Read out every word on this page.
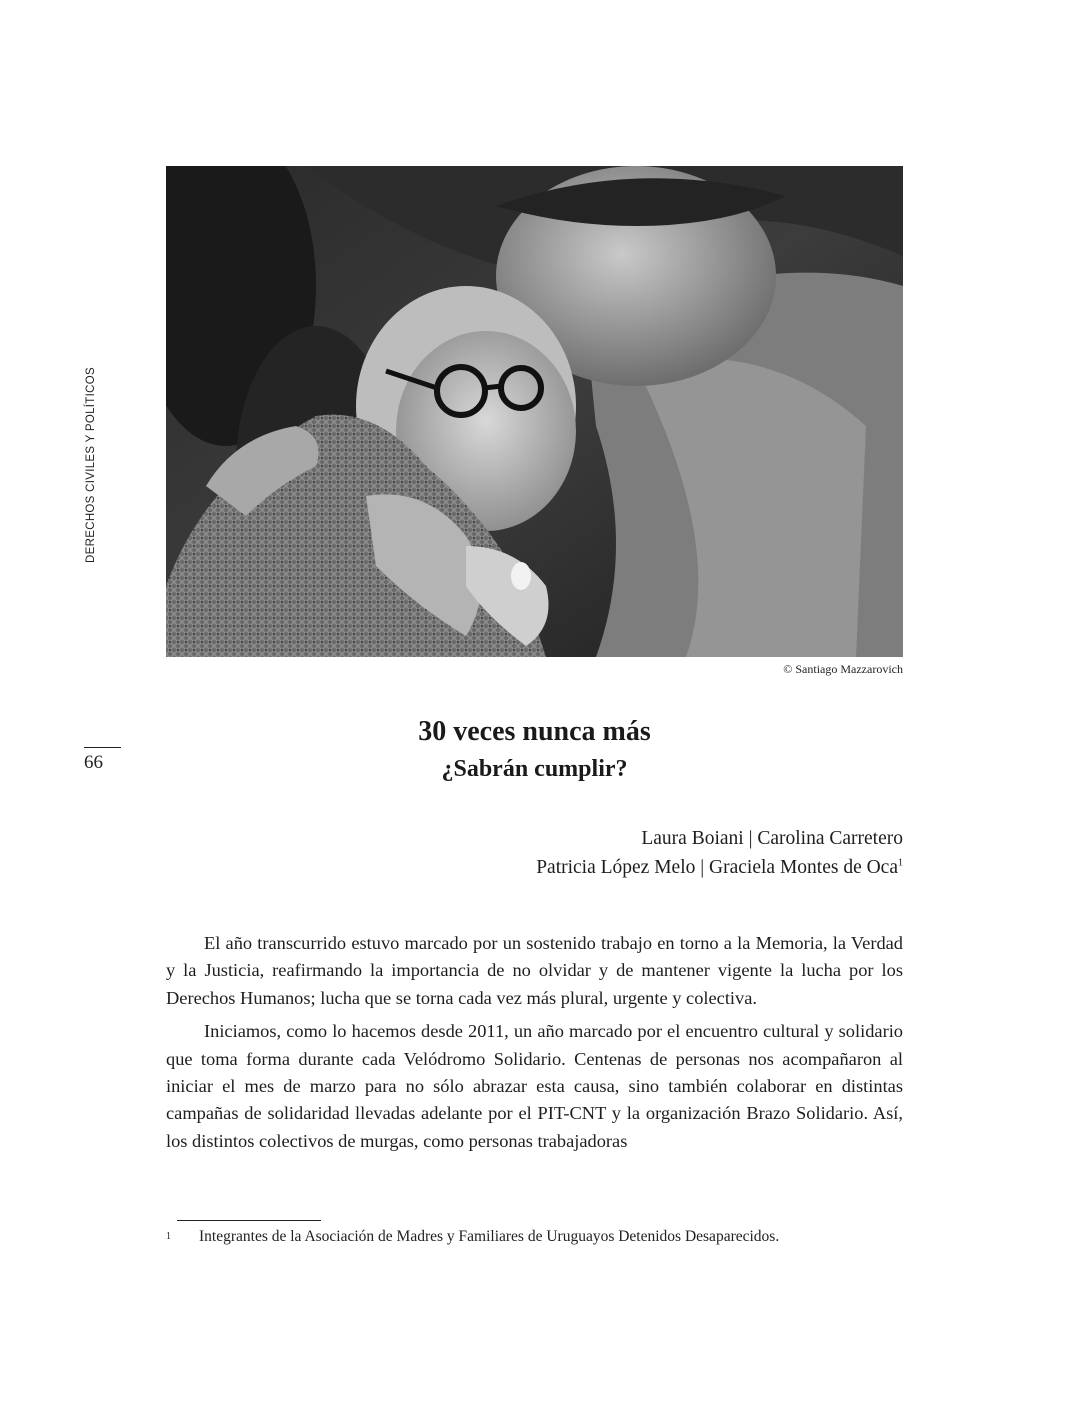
DERECHOS CIVILES Y POLÍTICOS
66
© Santiago Mazzarovich
30 veces nunca más
¿Sabrán cumplir?
Laura Boiani | Carolina Carretero
Patricia López Melo | Graciela Montes de Oca$^1$

El año transcurrido estuvo marcado por un sostenido trabajo en torno a la Memoria, la Verdad y la Justicia, reafirmando la importancia de no olvidar y de mantener vigente la lucha por los Derechos Humanos; lucha que se torna cada vez más plural, urgente y colectiva.

Iniciamos, como lo hacemos desde 2011, un año marcado por el encuentro cultural y solidario que toma forma durante cada Velódromo Solidario. Centenas de personas nos acompañaron al iniciar el mes de marzo para no sólo abrazar esta causa, sino también colaborar en distintas campañas de solidaridad llevadas adelante por el PIT-CNT y la organización Brazo Solidario. Así, los distintos colectivos de murgas, como personas trabajadoras

1 Integrantes de la Asociación de Madres y Familiares de Uruguayos Detenidos Desaparecidos.
